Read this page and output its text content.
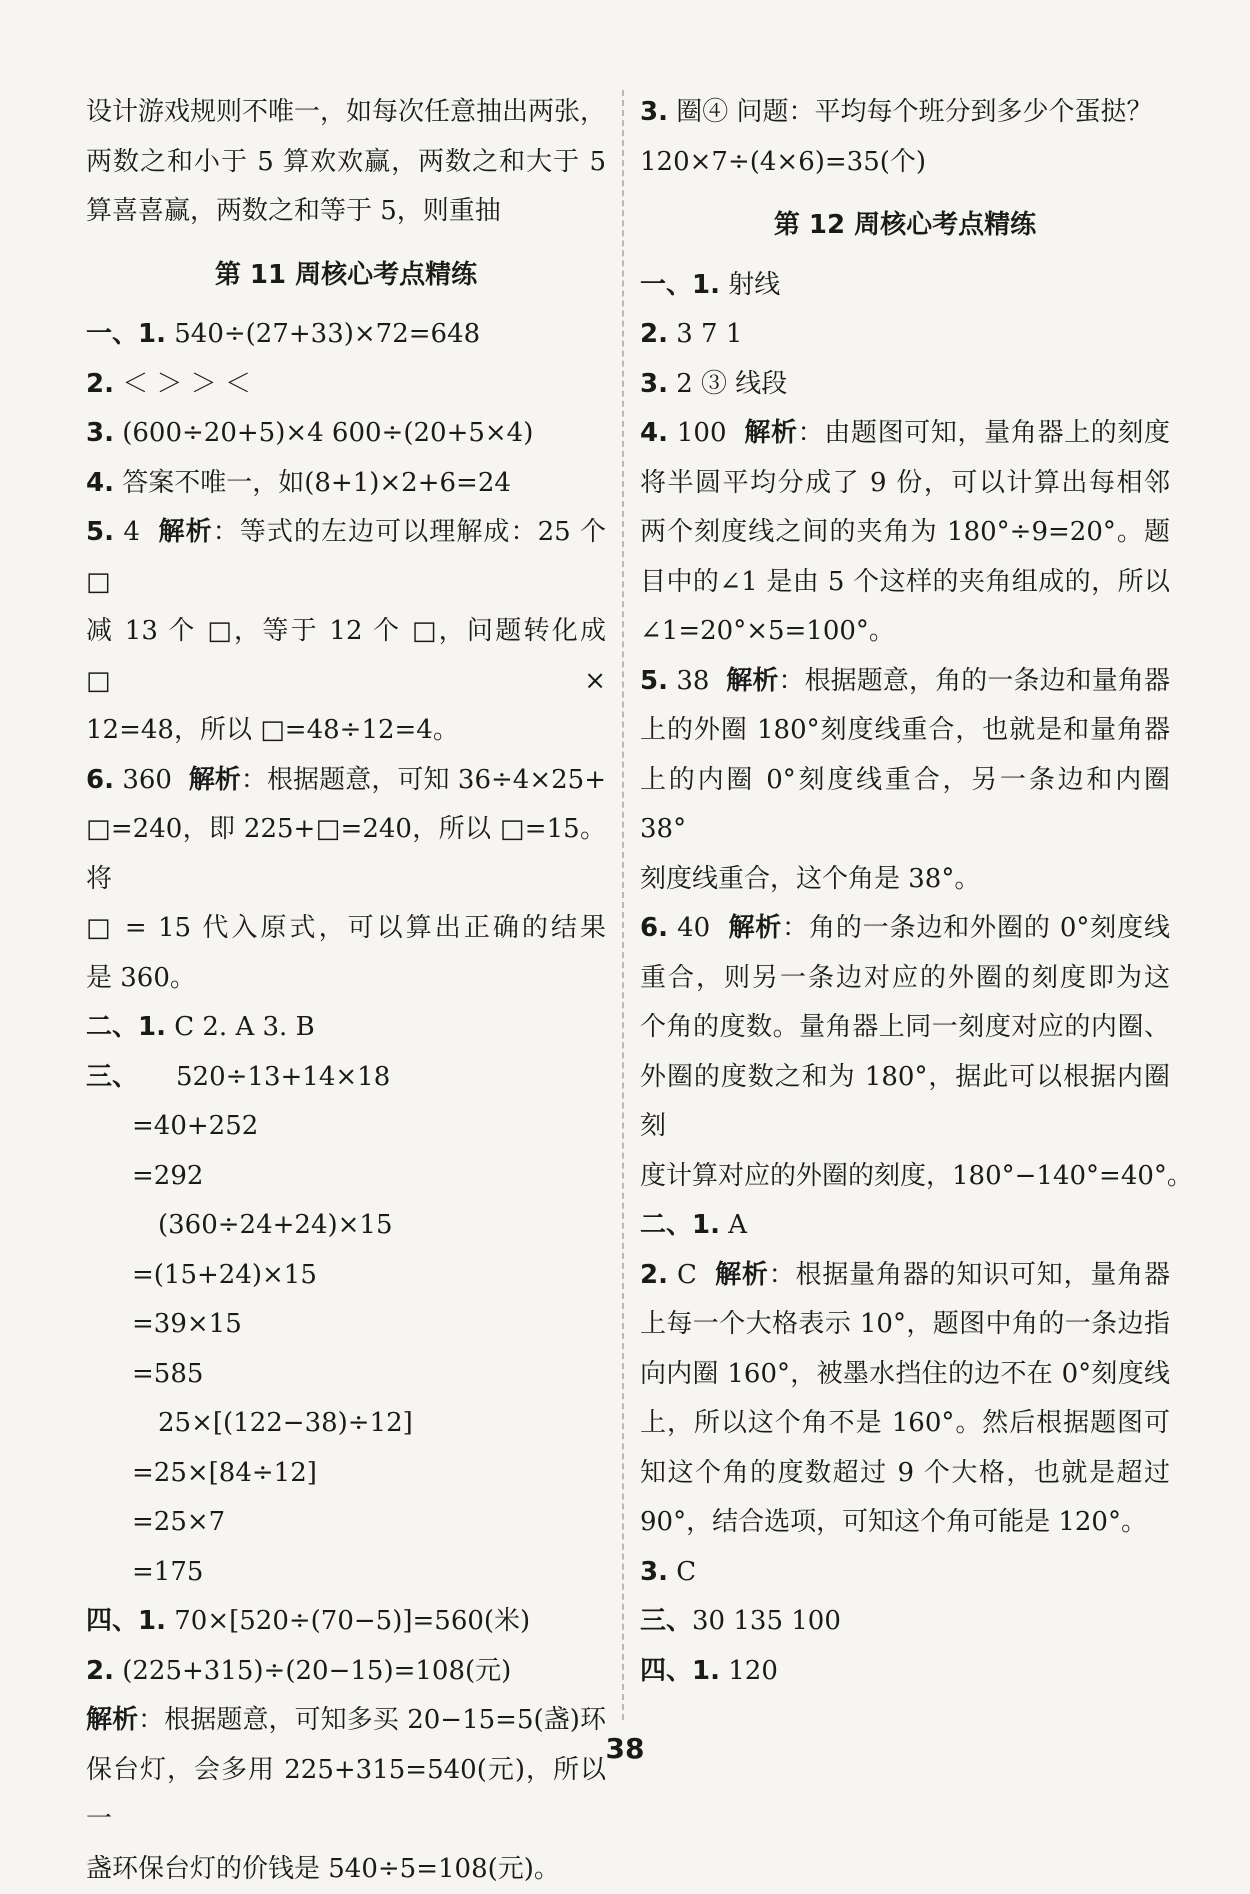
设计游戏规则不唯一，如每次任意抽出两张，
两数之和小于 5 算欢欢赢，两数之和大于 5
算喜喜赢，两数之和等于 5，则重抽
第 11 周核心考点精练
一、1. 540÷(27+33)×72=648
2. ＜ ＞ ＞ ＜
3. (600÷20+5)×4 600÷(20+5×4)
4. 答案不唯一，如(8+1)×2+6=24
5. 4 解析：等式的左边可以理解成：25 个 □
减 13 个 □，等于 12 个 □，问题转化成 □×
12=48，所以 □=48÷12=4。
6. 360 解析：根据题意，可知 36÷4×25+
□=240，即 225+□=240，所以 □=15。将
□ = 15 代入原式，可以算出正确的结果
是 360。
二、1. C 2. A 3. B
三、 520÷13+14×18
=40+252
=292
(360÷24+24)×15
=(15+24)×15
=39×15
=585
25×[(122−38)÷12]
=25×[84÷12]
=25×7
=175
四、1. 70×[520÷(70−5)]=560(米)
2. (225+315)÷(20−15)=108(元)
解析：根据题意，可知多买 20−15=5(盏)环
保台灯，会多用 225+315=540(元)，所以一
盏环保台灯的价钱是 540÷5=108(元)。
3. 圈④ 问题：平均每个班分到多少个蛋挞？
120×7÷(4×6)=35(个)
第 12 周核心考点精练
一、1. 射线
2. 3 7 1
3. 2 ③ 线段
4. 100 解析：由题图可知，量角器上的刻度
将半圆平均分成了 9 份，可以计算出每相邻
两个刻度线之间的夹角为 180°÷9=20°。题
目中的∠1 是由 5 个这样的夹角组成的，所以
∠1=20°×5=100°。
5. 38 解析：根据题意，角的一条边和量角器
上的外圈 180°刻度线重合，也就是和量角器
上的内圈 0°刻度线重合，另一条边和内圈 38°
刻度线重合，这个角是 38°。
6. 40 解析：角的一条边和外圈的 0°刻度线
重合，则另一条边对应的外圈的刻度即为这
个角的度数。量角器上同一刻度对应的内圈、
外圈的度数之和为 180°，据此可以根据内圈刻
度计算对应的外圈的刻度，180°−140°=40°。
二、1. A
2. C 解析：根据量角器的知识可知，量角器
上每一个大格表示 10°，题图中角的一条边指
向内圈 160°，被墨水挡住的边不在 0°刻度线
上，所以这个角不是 160°。然后根据题图可
知这个角的度数超过 9 个大格，也就是超过
90°，结合选项，可知这个角可能是 120°。
3. C
三、30 135 100
四、1. 120
38
